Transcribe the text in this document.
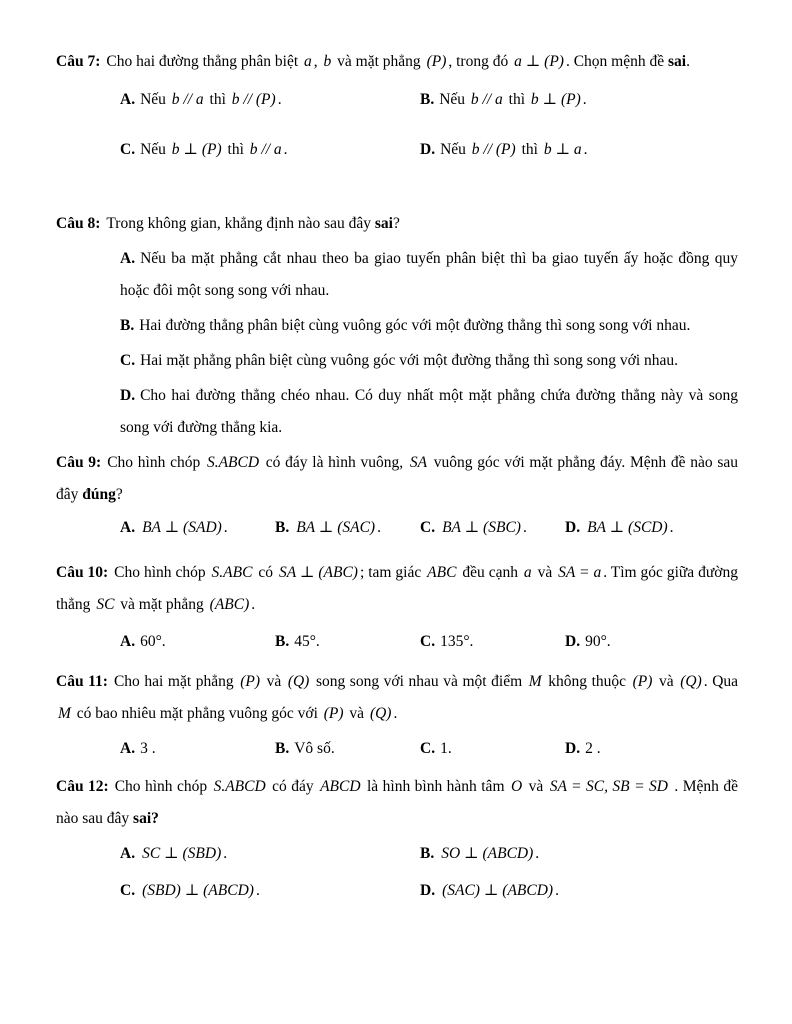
Câu 7: Cho hai đường thẳng phân biệt a , b và mặt phẳng (P) , trong đó a ⊥ (P) . Chọn mệnh đề sai.

A. Nếu b // a thì b // (P) .	B. Nếu b // a thì b ⊥ (P) .
C. Nếu b ⊥ (P) thì b // a .	D. Nếu b // (P) thì b ⊥ a .

Câu 8: Trong không gian, khẳng định nào sau đây sai?

A. Nếu ba mặt phẳng cắt nhau theo ba giao tuyến phân biệt thì ba giao tuyến ấy hoặc đồng quy hoặc đôi một song song với nhau.

B. Hai đường thẳng phân biệt cùng vuông góc với một đường thẳng thì song song với nhau.

C. Hai mặt phẳng phân biệt cùng vuông góc với một đường thẳng thì song song với nhau.

D. Cho hai đường thẳng chéo nhau. Có duy nhất một mặt phẳng chứa đường thẳng này và song song với đường thẳng kia.

Câu 9: Cho hình chóp S.ABCD có đáy là hình vuông, SA vuông góc với mặt phẳng đáy. Mệnh đề nào sau đây đúng?

A. BA ⊥ (SAD) .	B. BA ⊥ (SAC) .	C. BA ⊥ (SBC) .	D. BA ⊥ (SCD) .

Câu 10: Cho hình chóp S.ABC có SA ⊥ (ABC) ; tam giác ABC đều cạnh a và SA = a . Tìm góc giữa đường thẳng SC và mặt phẳng (ABC) .

A. 60°.	B. 45°.	C. 135°.	D. 90°.

Câu 11: Cho hai mặt phẳng (P) và (Q) song song với nhau và một điểm M không thuộc (P) và (Q) . Qua M có bao nhiêu mặt phẳng vuông góc với (P) và (Q) .

A. 3 .	B. Vô số.	C. 1.	D. 2 .

Câu 12: Cho hình chóp S.ABCD có đáy ABCD là hình bình hành tâm O và SA = SC, SB = SD . Mệnh đề nào sau đây sai?

A. SC ⊥ (SBD) .	B. SO ⊥ (ABCD) .
C. (SBD) ⊥ (ABCD) .	D. (SAC) ⊥ (ABCD) .
